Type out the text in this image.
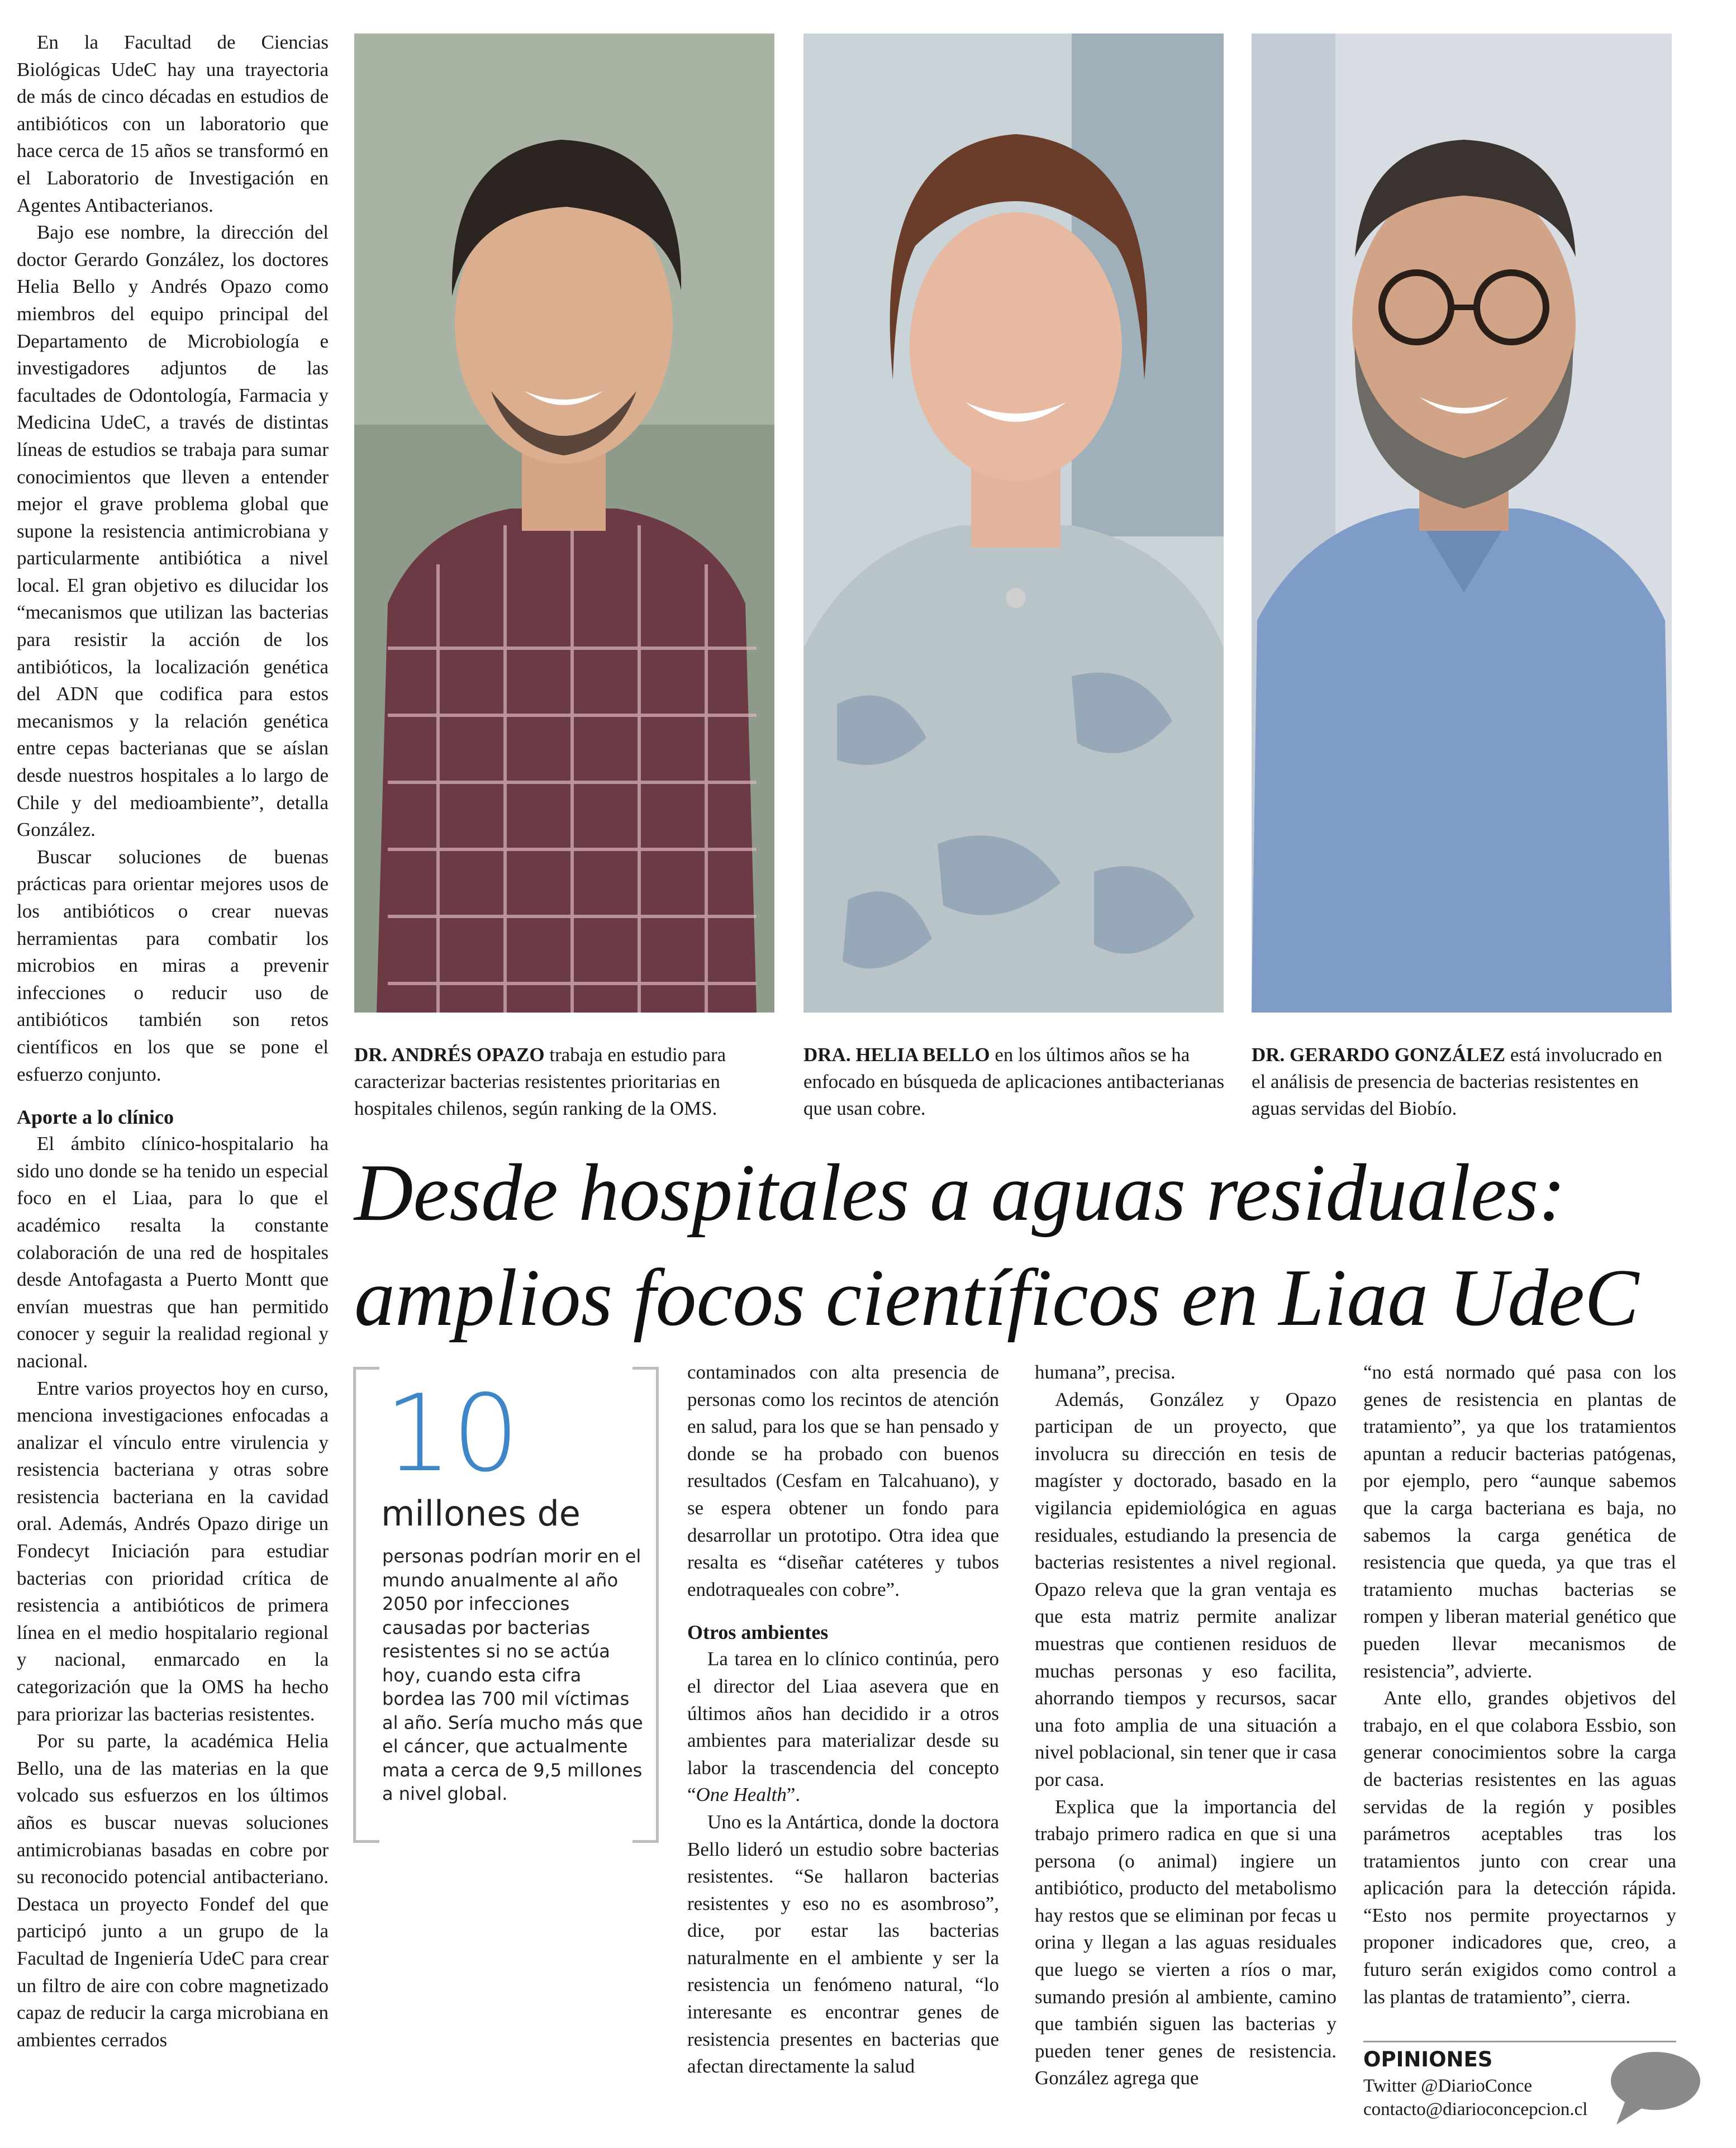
En la Facultad de Ciencias Biológicas UdeC hay una trayectoria de más de cinco décadas en estudios de antibióticos con un laboratorio que hace cerca de 15 años se transformó en el Laboratorio de Investigación en Agentes Antibacterianos.

Bajo ese nombre, la dirección del doctor Gerardo González, los doctores Helia Bello y Andrés Opazo como miembros del equipo principal del Departamento de Microbiología e investigadores adjuntos de las facultades de Odontología, Farmacia y Medicina UdeC, a través de distintas líneas de estudios se trabaja para sumar conocimientos que lleven a entender mejor el grave problema global que supone la resistencia antimicrobiana y particularmente antibiótica a nivel local. El gran objetivo es dilucidar los “mecanismos que utilizan las bacterias para resistir la acción de los antibióticos, la localización genética del ADN que codifica para estos mecanismos y la relación genética entre cepas bacterianas que se aíslan desde nuestros hospitales a lo largo de Chile y del medioambiente”, detalla González.

Buscar soluciones de buenas prácticas para orientar mejores usos de los antibióticos o crear nuevas herramientas para combatir los microbios en miras a prevenir infecciones o reducir uso de antibióticos también son retos científicos en los que se pone el esfuerzo conjunto.

Aporte a lo clínico

El ámbito clínico-hospitalario ha sido uno donde se ha tenido un especial foco en el Liaa, para lo que el académico resalta la constante colaboración de una red de hospitales desde Antofagasta a Puerto Montt que envían muestras que han permitido conocer y seguir la realidad regional y nacional.

Entre varios proyectos hoy en curso, menciona investigaciones enfocadas a analizar el vínculo entre virulencia y resistencia bacteriana y otras sobre resistencia bacteriana en la cavidad oral. Además, Andrés Opazo dirige un Fondecyt Iniciación para estudiar bacterias con prioridad crítica de resistencia a antibióticos de primera línea en el medio hospitalario regional y nacional, enmarcado en la categorización que la OMS ha hecho para priorizar las bacterias resistentes.

Por su parte, la académica Helia Bello, una de las materias en la que volcado sus esfuerzos en los últimos años es buscar nuevas soluciones antimicrobianas basadas en cobre por su reconocido potencial antibacteriano. Destaca un proyecto Fondef del que participó junto a un grupo de la Facultad de Ingeniería UdeC para crear un filtro de aire con cobre magnetizado capaz de reducir la carga microbiana en ambientes cerrados

DR. ANDRÉS OPAZO trabaja en estudio para caracterizar bacterias resistentes prioritarias en hospitales chilenos, según ranking de la OMS.
DRA. HELIA BELLO en los últimos años se ha enfocado en búsqueda de aplicaciones antibacterianas que usan cobre.
DR. GERARDO GONZÁLEZ está involucrado en el análisis de presencia de bacterias resistentes en aguas servidas del Biobío.
Desde hospitales a aguas residuales:
amplios focos científicos en Liaa UdeC
10
millones de
personas podrían morir en el mundo anualmente al año 2050 por infecciones causadas por bacterias resistentes si no se actúa hoy, cuando esta cifra bordea las 700 mil víctimas al año. Sería mucho más que el cáncer, que actualmente mata a cerca de 9,5 millones a nivel global.

contaminados con alta presencia de personas como los recintos de atención en salud, para los que se han pensado y donde se ha probado con buenos resultados (Cesfam en Talcahuano), y se espera obtener un fondo para desarrollar un prototipo. Otra idea que resalta es “diseñar catéteres y tubos endotraqueales con cobre”.

Otros ambientes

La tarea en lo clínico continúa, pero el director del Liaa asevera que en últimos años han decidido ir a otros ambientes para materializar desde su labor la trascendencia del concepto “One Health”.

Uno es la Antártica, donde la doctora Bello lideró un estudio sobre bacterias resistentes. “Se hallaron bacterias resistentes y eso no es asombroso”, dice, por estar las bacterias naturalmente en el ambiente y ser la resistencia un fenómeno natural, “lo interesante es encontrar genes de resistencia presentes en bacterias que afectan directamente la salud

humana”, precisa.

Además, González y Opazo participan de un proyecto, que involucra su dirección en tesis de magíster y doctorado, basado en la vigilancia epidemiológica en aguas residuales, estudiando la presencia de bacterias resistentes a nivel regional. Opazo releva que la gran ventaja es que esta matriz permite analizar muestras que contienen residuos de muchas personas y eso facilita, ahorrando tiempos y recursos, sacar una foto amplia de una situación a nivel poblacional, sin tener que ir casa por casa.

Explica que la importancia del trabajo primero radica en que si una persona (o animal) ingiere un antibiótico, producto del metabolismo hay restos que se eliminan por fecas u orina y llegan a las aguas residuales que luego se vierten a ríos o mar, sumando presión al ambiente, camino que también siguen las bacterias y pueden tener genes de resistencia. González agrega que

“no está normado qué pasa con los genes de resistencia en plantas de tratamiento”, ya que los tratamientos apuntan a reducir bacterias patógenas, por ejemplo, pero “aunque sabemos que la carga bacteriana es baja, no sabemos la carga genética de resistencia que queda, ya que tras el tratamiento muchas bacterias se rompen y liberan material genético que pueden llevar mecanismos de resistencia”, advierte.

Ante ello, grandes objetivos del trabajo, en el que colabora Essbio, son generar conocimientos sobre la carga de bacterias resistentes en las aguas servidas de la región y posibles parámetros aceptables tras los tratamientos junto con crear una aplicación para la detección rápida. “Esto nos permite proyectarnos y proponer indicadores que, creo, a futuro serán exigidos como control a las plantas de tratamiento”, cierra.

OPINIONES
Twitter @DiarioConce
contacto@diarioconcepcion.cl
